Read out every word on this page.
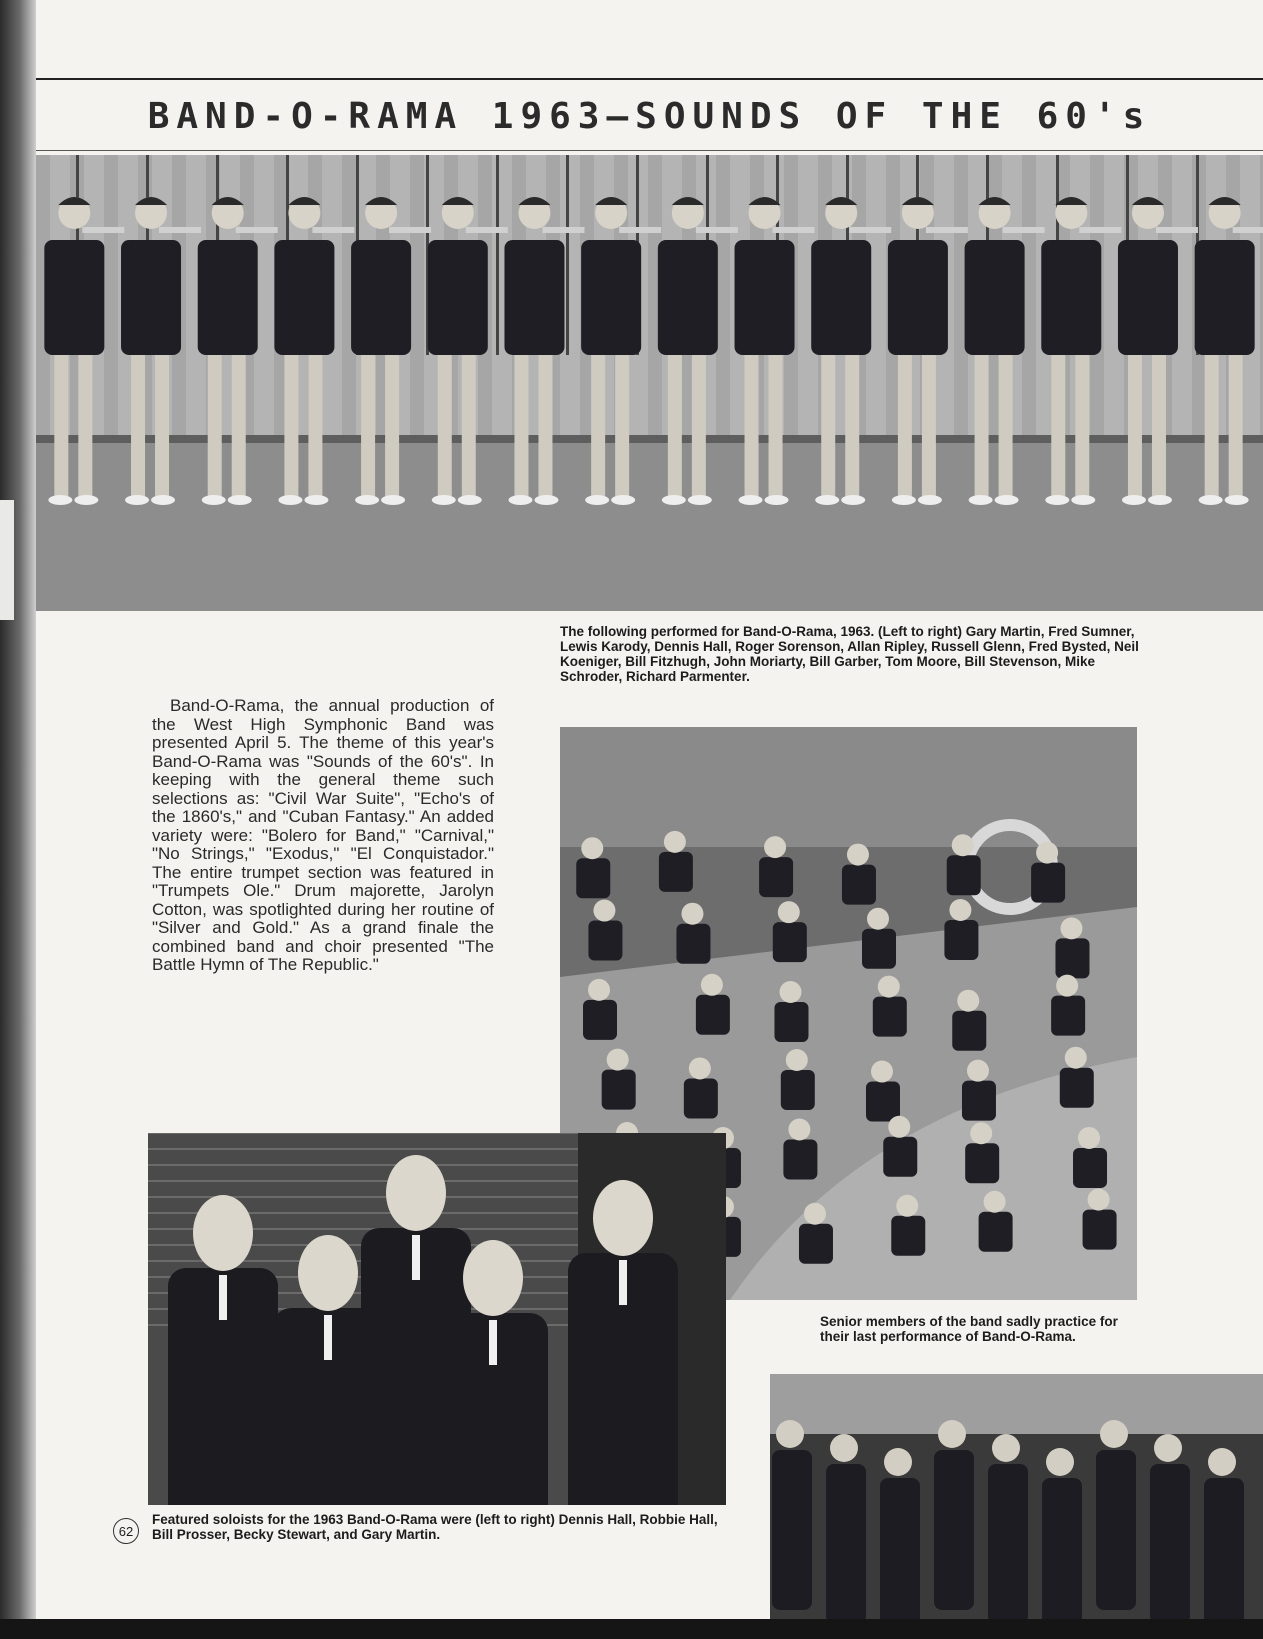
BAND-O-RAMA 1963—SOUNDS OF THE 60's
The following performed for Band-O-Rama, 1963. (Left to right) Gary Martin, Fred Sumner, Lewis Karody, Dennis Hall, Roger Sorenson, Allan Ripley, Russell Glenn, Fred Bysted, Neil Koeniger, Bill Fitzhugh, John Moriarty, Bill Garber, Tom Moore, Bill Stevenson, Mike Schroder, Richard Parmenter.
Band-O-Rama, the annual production of the West High Symphonic Band was presented April 5. The theme of this year's Band-O-Rama was "Sounds of the 60's". In keeping with the general theme such selections as: "Civil War Suite", "Echo's of the 1860's," and "Cuban Fantasy." An added variety were: "Bolero for Band," "Carnival," "No Strings," "Exodus," "El Conquistador." The entire trumpet section was featured in "Trumpets Ole." Drum majorette, Jarolyn Cotton, was spotlighted during her routine of "Silver and Gold." As a grand finale the combined band and choir presented "The Battle Hymn of The Republic."
Senior members of the band sadly practice for their last performance of Band-O-Rama.
62
Featured soloists for the 1963 Band-O-Rama were (left to right) Dennis Hall, Robbie Hall, Bill Prosser, Becky Stewart, and Gary Martin.
